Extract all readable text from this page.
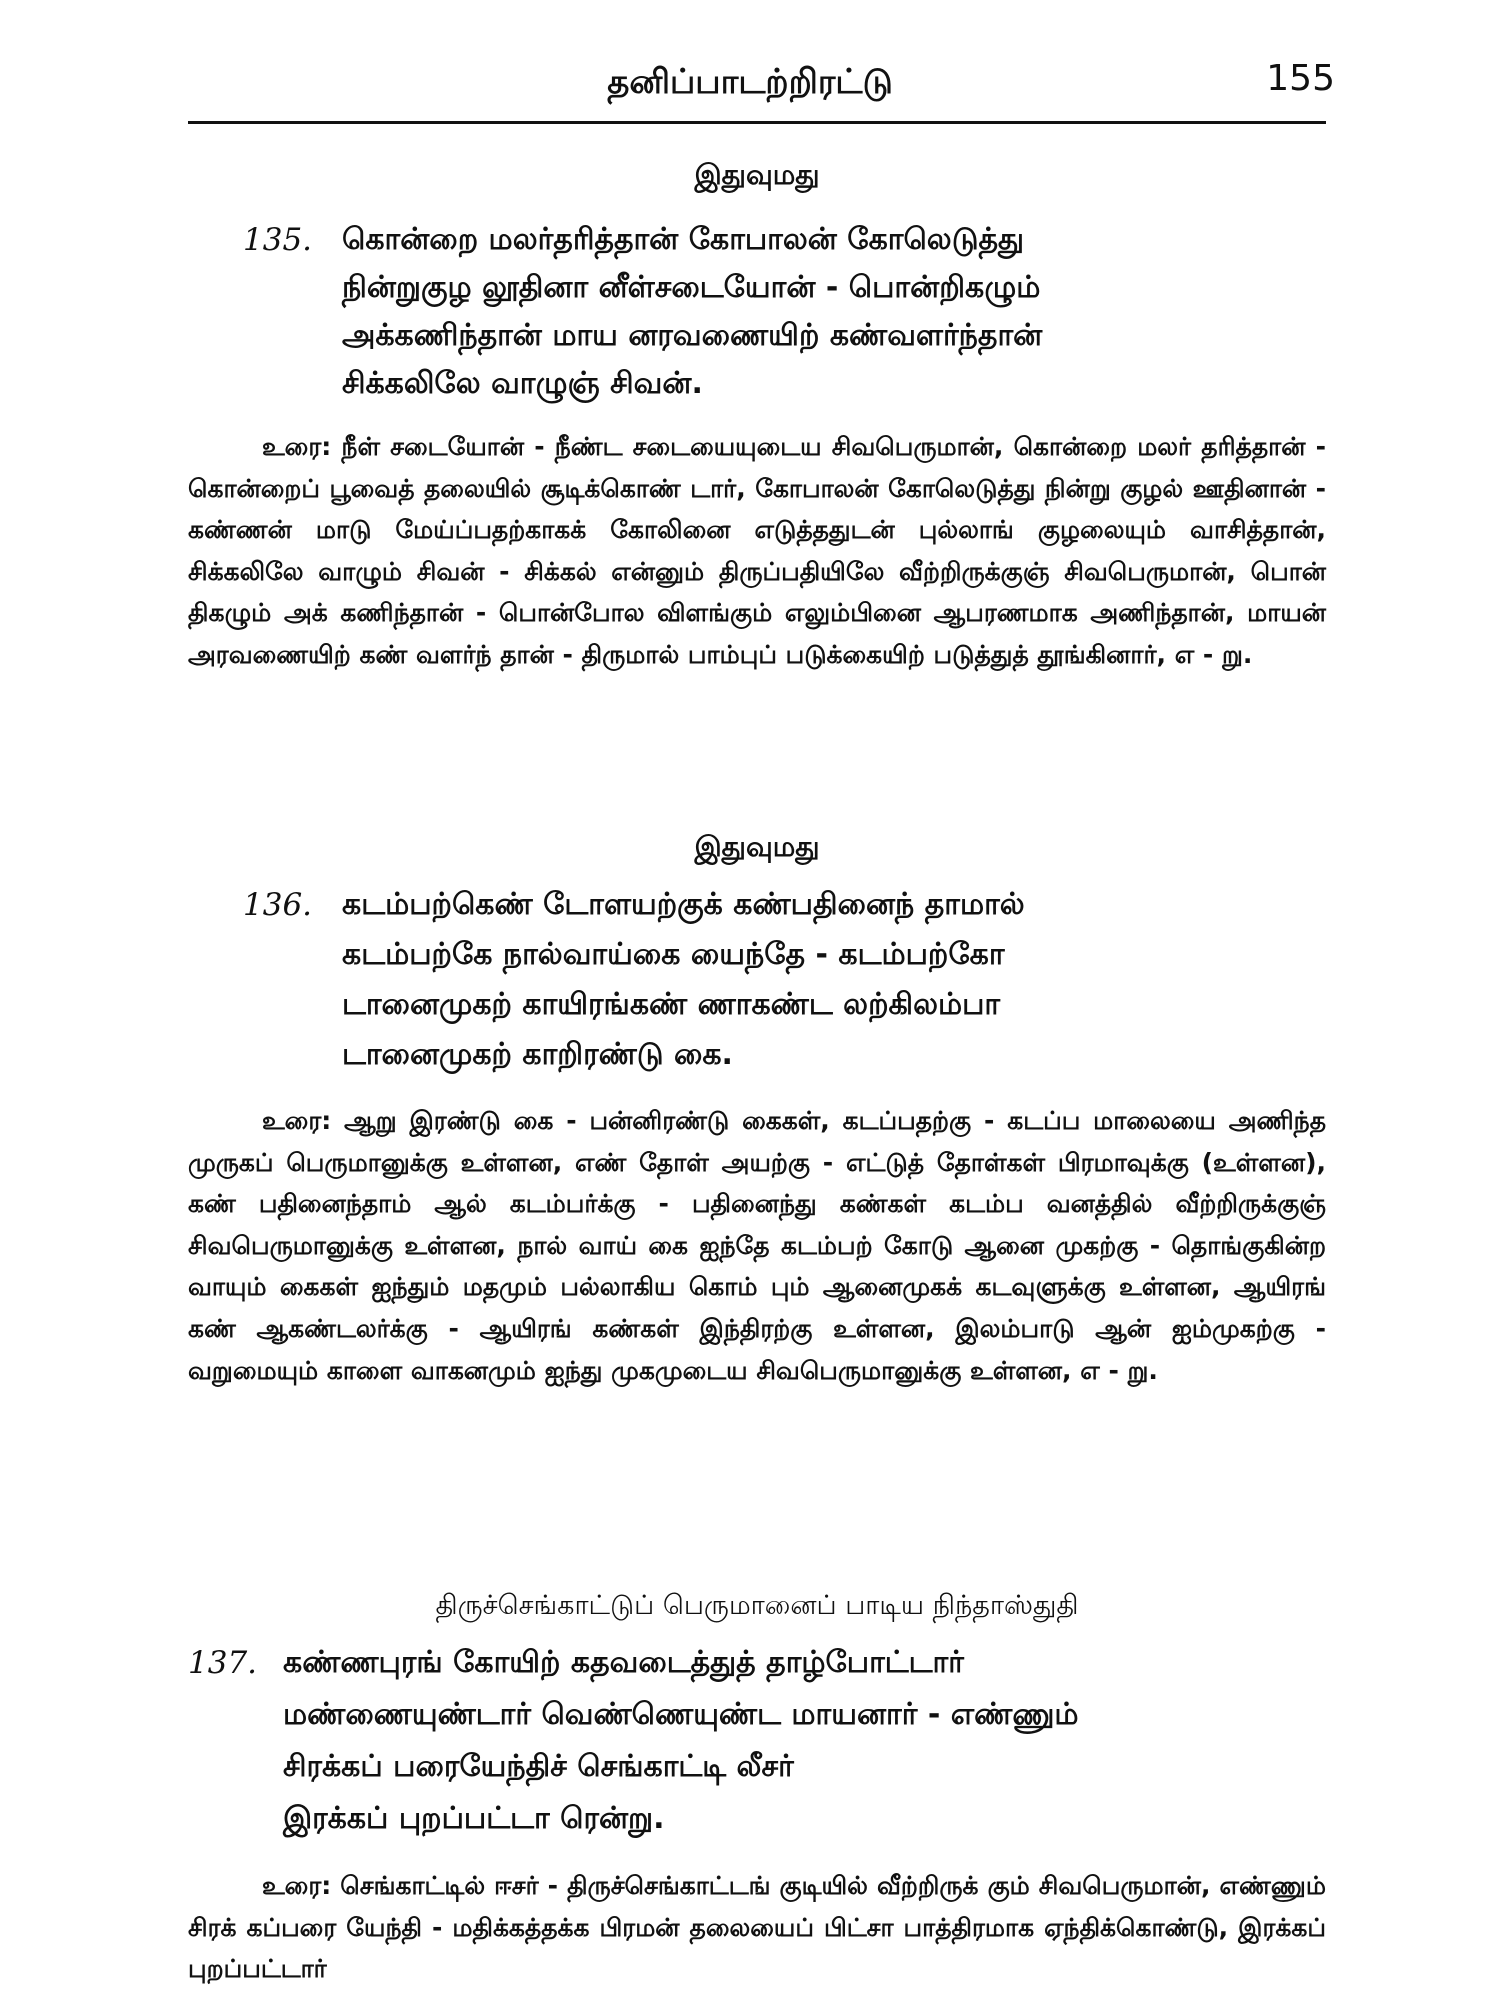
தனிப்பாடற்றிரட்டு	155
இதுவுமது
135. கொன்றை மலர்தரித்தான் கோபாலன் கோலெடுத்து
நின்றுகுழ லூதினா னீள்சடையோன் - பொன்றிகழும்
அக்கணிந்தான் மாய னரவணையிற் கண்வளர்ந்தான்
சிக்கலிலே வாழுஞ் சிவன்.

உரை: நீள் சடையோன் - நீண்ட சடையையுடைய சிவபெருமான், கொன்றை மலர் தரித்தான் - கொன்றைப் பூவைத் தலையில் சூடிக்கொண் டார், கோபாலன் கோலெடுத்து நின்று குழல் ஊதினான் - கண்ணன் மாடு மேய்ப்பதற்காகக் கோலினை எடுத்ததுடன் புல்லாங் குழலையும் வாசித்தான், சிக்கலிலே வாழும் சிவன் - சிக்கல் என்னும் திருப்பதியிலே வீற்றிருக்குஞ் சிவபெருமான், பொன் திகழும் அக் கணிந்தான் - பொன்போல விளங்கும் எலும்பினை ஆபரணமாக அணிந்தான், மாயன் அரவணையிற் கண் வளர்ந் தான் - திருமால் பாம்புப் படுக்கையிற் படுத்துத் தூங்கினார், எ - று.

இதுவுமது
136. கடம்பற்கெண் டோளயற்குக் கண்பதினைந் தாமால்
கடம்பற்கே நால்வாய்கை யைந்தே - கடம்பற்கோ
டானைமுகற் காயிரங்கண் ணாகண்ட லற்கிலம்பா
டானைமுகற் காறிரண்டு கை.

உரை: ஆறு இரண்டு கை - பன்னிரண்டு கைகள், கடப்பதற்கு - கடப்ப மாலையை அணிந்த முருகப் பெருமானுக்கு உள்ளன, எண் தோள் அயற்கு - எட்டுத் தோள்கள் பிரமாவுக்கு (உள்ளன), கண் பதினைந்தாம் ஆல் கடம்பர்க்கு - பதினைந்து கண்கள் கடம்ப வனத்தில் வீற்றிருக்குஞ் சிவபெருமானுக்கு உள்ளன, நால் வாய் கை ஐந்தே கடம்பற் கோடு ஆனை முகற்கு - தொங்குகின்ற வாயும் கைகள் ஐந்தும் மதமும் பல்லாகிய கொம் பும் ஆனைமுகக் கடவுளுக்கு உள்ளன, ஆயிரங் கண் ஆகண்டலர்க்கு - ஆயிரங் கண்கள் இந்திரற்கு உள்ளன, இலம்பாடு ஆன் ஐம்முகற்கு - வறுமையும் காளை வாகனமும் ஐந்து முகமுடைய சிவபெருமானுக்கு உள்ளன, எ - று.

திருச்செங்காட்டுப் பெருமானைப் பாடிய நிந்தாஸ்துதி
137. கண்ணபுரங் கோயிற் கதவடைத்துத் தாழ்போட்டார்
மண்ணையுண்டார் வெண்ணெயுண்ட மாயனார் - எண்ணும்
சிரக்கப் பரையேந்திச் செங்காட்டி லீசர்
இரக்கப் புறப்பட்டா ரென்று.

உரை: செங்காட்டில் ஈசர் - திருச்செங்காட்டங் குடியில் வீற்றிருக் கும் சிவபெருமான், எண்ணும் சிரக் கப்பரை யேந்தி - மதிக்கத்தக்க பிரமன் தலையைப் பிட்சா பாத்திரமாக ஏந்திக்கொண்டு, இரக்கப் புறப்பட்டார்
